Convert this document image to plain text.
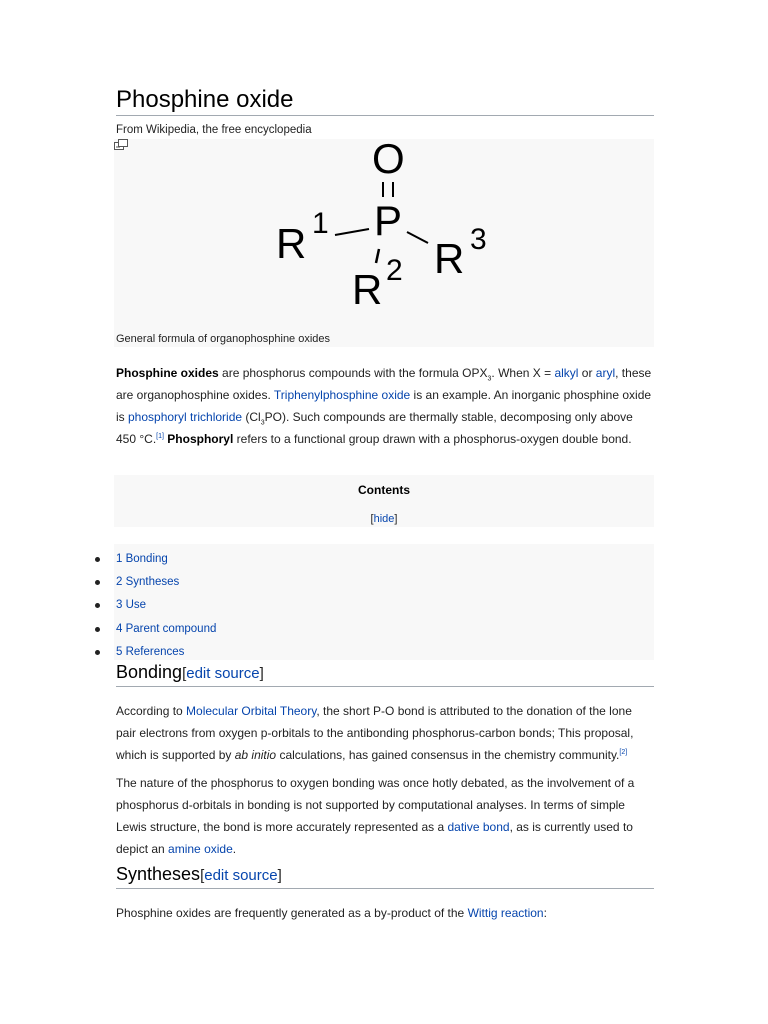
Phosphine oxide
From Wikipedia, the free encyclopedia
O
P
R 1
R 3
R 2
General formula of organophosphine oxides

Phosphine oxides are phosphorus compounds with the formula $OPX_3$. When X = alkyl or aryl, these are organophosphine oxides. Triphenylphosphine oxide is an example. An inorganic phosphine oxide is phosphoryl trichloride $(Cl_3PO)$. Such compounds are thermally stable, decomposing only above 450 °C.[1] Phosphoryl refers to a functional group drawn with a phosphorus-oxygen double bond.

Contents
[hide]
1 Bonding
2 Syntheses
3 Use
4 Parent compound
5 References
Bonding[edit source]

According to Molecular Orbital Theory, the short P-O bond is attributed to the donation of the lone pair electrons from oxygen p-orbitals to the antibonding phosphorus-carbon bonds; This proposal, which is supported by ab initio calculations, has gained consensus in the chemistry community.[2]

The nature of the phosphorus to oxygen bonding was once hotly debated, as the involvement of a phosphorus d-orbitals in bonding is not supported by computational analyses. In terms of simple Lewis structure, the bond is more accurately represented as a dative bond, as is currently used to depict an amine oxide.

Syntheses[edit source]

Phosphine oxides are frequently generated as a by-product of the Wittig reaction:
